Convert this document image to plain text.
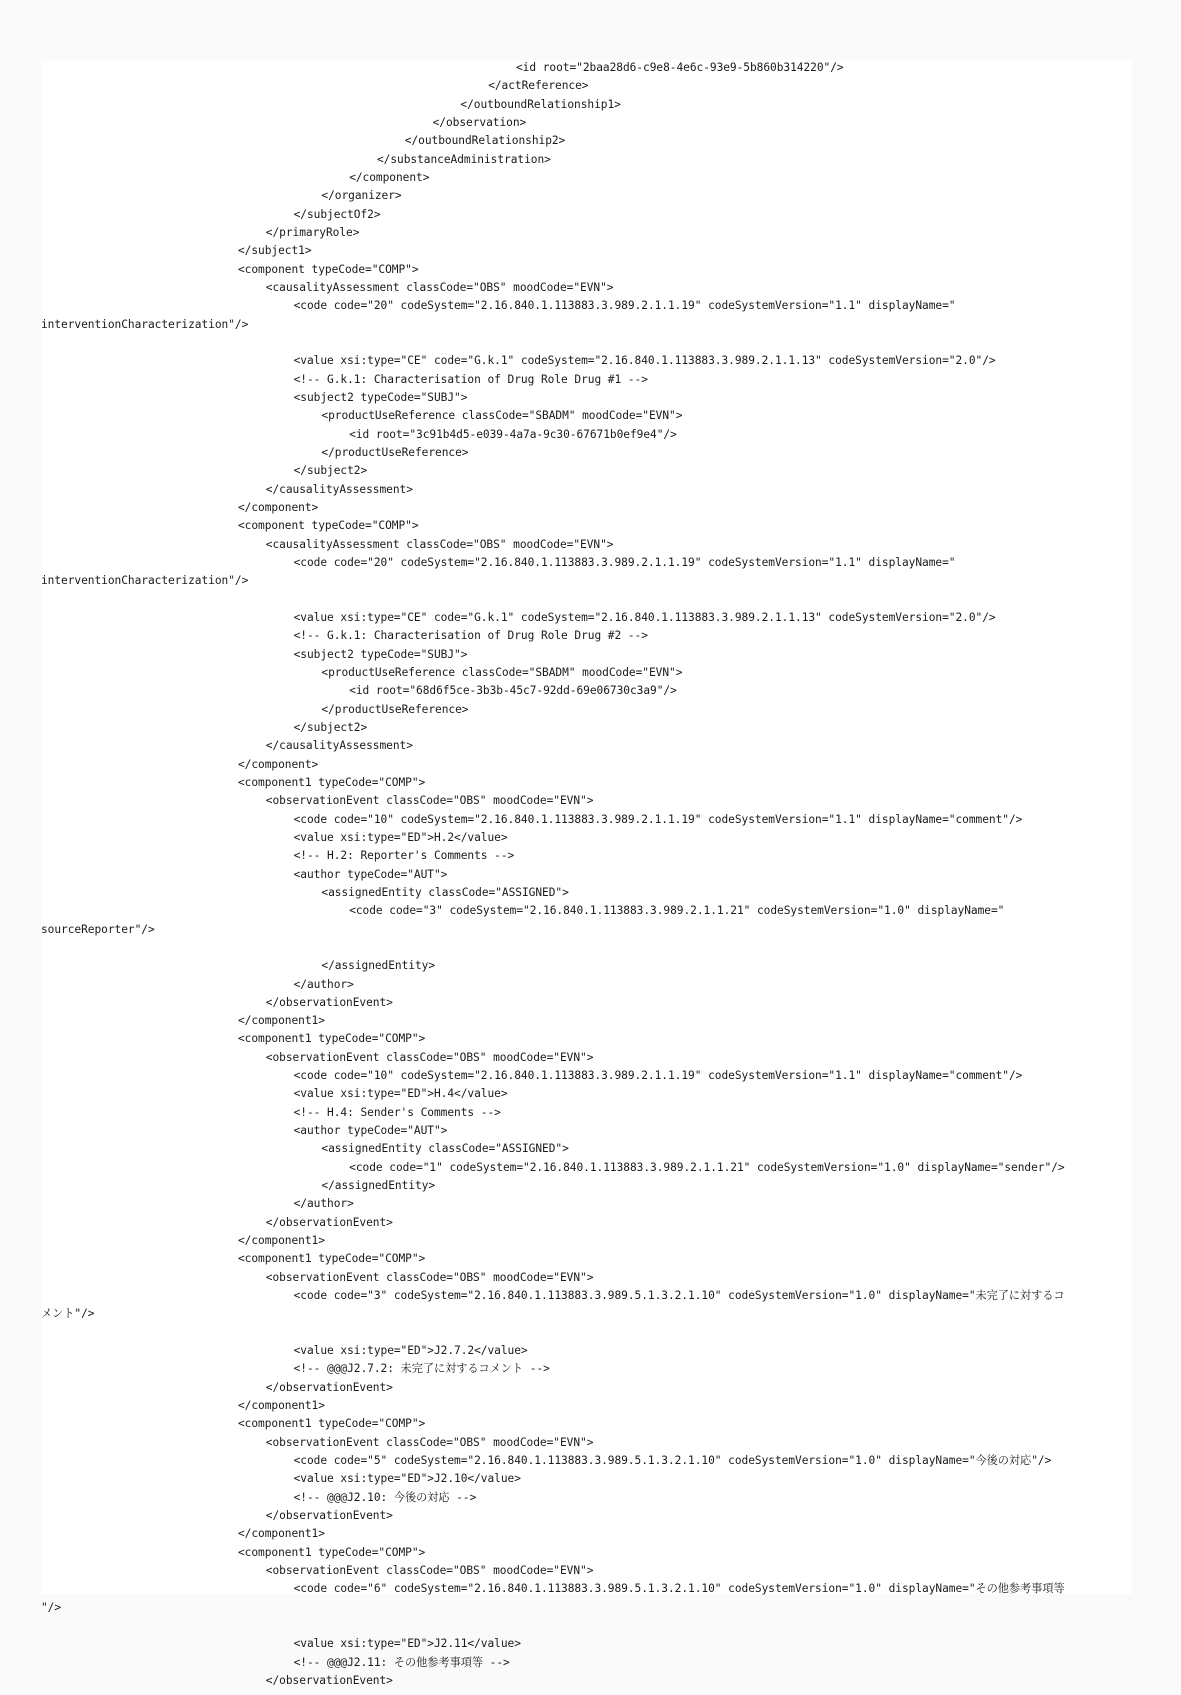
<id root="2baa28d6-c9e8-4e6c-93e9-5b860b314220"/>
</actReference>
</outboundRelationship1>
</observation>
</outboundRelationship2>
</substanceAdministration>
</component>
</organizer>
</subjectOf2>
</primaryRole>
</subject1>
<component typeCode="COMP">
<causalityAssessment classCode="OBS" moodCode="EVN">
<code code="20" codeSystem="2.16.840.1.113883.3.989.2.1.1.19" codeSystemVersion="1.1" displayName="
interventionCharacterization"/>
<value xsi:type="CE" code="G.k.1" codeSystem="2.16.840.1.113883.3.989.2.1.1.13" codeSystemVersion="2.0"/>
<!-- G.k.1: Characterisation of Drug Role Drug #1 -->
<subject2 typeCode="SUBJ">
<productUseReference classCode="SBADM" moodCode="EVN">
<id root="3c91b4d5-e039-4a7a-9c30-67671b0ef9e4"/>
</productUseReference>
</subject2>
</causalityAssessment>
</component>
<component typeCode="COMP">
<causalityAssessment classCode="OBS" moodCode="EVN">
<code code="20" codeSystem="2.16.840.1.113883.3.989.2.1.1.19" codeSystemVersion="1.1" displayName="
interventionCharacterization"/>
<value xsi:type="CE" code="G.k.1" codeSystem="2.16.840.1.113883.3.989.2.1.1.13" codeSystemVersion="2.0"/>
<!-- G.k.1: Characterisation of Drug Role Drug #2 -->
<subject2 typeCode="SUBJ">
<productUseReference classCode="SBADM" moodCode="EVN">
<id root="68d6f5ce-3b3b-45c7-92dd-69e06730c3a9"/>
</productUseReference>
</subject2>
</causalityAssessment>
</component>
<component1 typeCode="COMP">
<observationEvent classCode="OBS" moodCode="EVN">
<code code="10" codeSystem="2.16.840.1.113883.3.989.2.1.1.19" codeSystemVersion="1.1" displayName="comment"/>
<value xsi:type="ED">H.2</value>
<!-- H.2: Reporter's Comments -->
<author typeCode="AUT">
<assignedEntity classCode="ASSIGNED">
<code code="3" codeSystem="2.16.840.1.113883.3.989.2.1.1.21" codeSystemVersion="1.0" displayName="
sourceReporter"/>
</assignedEntity>
</author>
</observationEvent>
</component1>
<component1 typeCode="COMP">
<observationEvent classCode="OBS" moodCode="EVN">
<code code="10" codeSystem="2.16.840.1.113883.3.989.2.1.1.19" codeSystemVersion="1.1" displayName="comment"/>
<value xsi:type="ED">H.4</value>
<!-- H.4: Sender's Comments -->
<author typeCode="AUT">
<assignedEntity classCode="ASSIGNED">
<code code="1" codeSystem="2.16.840.1.113883.3.989.2.1.1.21" codeSystemVersion="1.0" displayName="sender"/>
</assignedEntity>
</author>
</observationEvent>
</component1>
<component1 typeCode="COMP">
<observationEvent classCode="OBS" moodCode="EVN">
<code code="3" codeSystem="2.16.840.1.113883.3.989.5.1.3.2.1.10" codeSystemVersion="1.0" displayName="未完了に対するコ
メント"/>
<value xsi:type="ED">J2.7.2</value>
<!-- @@@J2.7.2: 未完了に対するコメント -->
</observationEvent>
</component1>
<component1 typeCode="COMP">
<observationEvent classCode="OBS" moodCode="EVN">
<code code="5" codeSystem="2.16.840.1.113883.3.989.5.1.3.2.1.10" codeSystemVersion="1.0" displayName="今後の対応"/>
<value xsi:type="ED">J2.10</value>
<!-- @@@J2.10: 今後の対応 -->
</observationEvent>
</component1>
<component1 typeCode="COMP">
<observationEvent classCode="OBS" moodCode="EVN">
<code code="6" codeSystem="2.16.840.1.113883.3.989.5.1.3.2.1.10" codeSystemVersion="1.0" displayName="その他参考事項等
"/>
<value xsi:type="ED">J2.11</value>
<!-- @@@J2.11: その他参考事項等 -->
</observationEvent>
